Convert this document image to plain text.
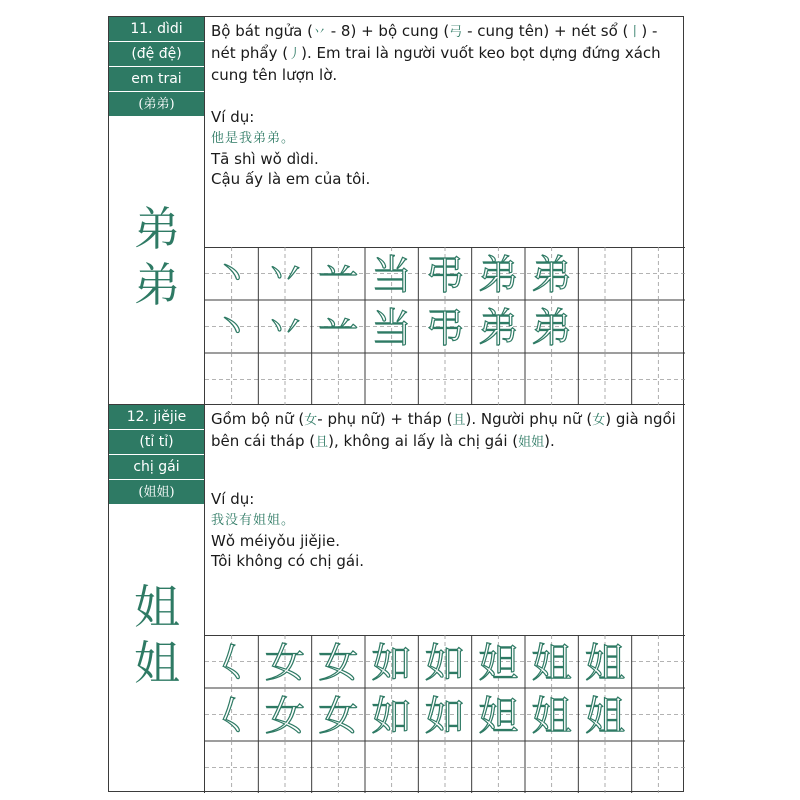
11. dìdi
(đệ đệ)
em trai
(弟弟)
弟
弟
Bộ bát ngửa (丷 - 8) + bộ cung (弓 - cung tên) + nét sổ (丨) - nét phẩy (丿). Em trai là người vuốt keo bọt dựng đứng xách cung tên lượn lờ.
Ví dụ:
他是我弟弟。
Tā shì wǒ dìdi.
Cậu ấy là em của tôi.
丶 丷 䒑 当 弔 弟 弟
丶 丷 䒑 当 弔 弟 弟
12. jiějie
(tỉ tỉ)
chị gái
(姐姐)
姐
姐
Gồm bộ nữ (女- phụ nữ) + tháp (且). Người phụ nữ (女) già ngồi bên cái tháp (且), không ai lấy là chị gái (姐姐).
Ví dụ:
我没有姐姐。
Wǒ méiyǒu jiějie.
Tôi không có chị gái.
𡿨 女 女 如 如 妲 姐 姐
𡿨 女 女 如 如 妲 姐 姐
